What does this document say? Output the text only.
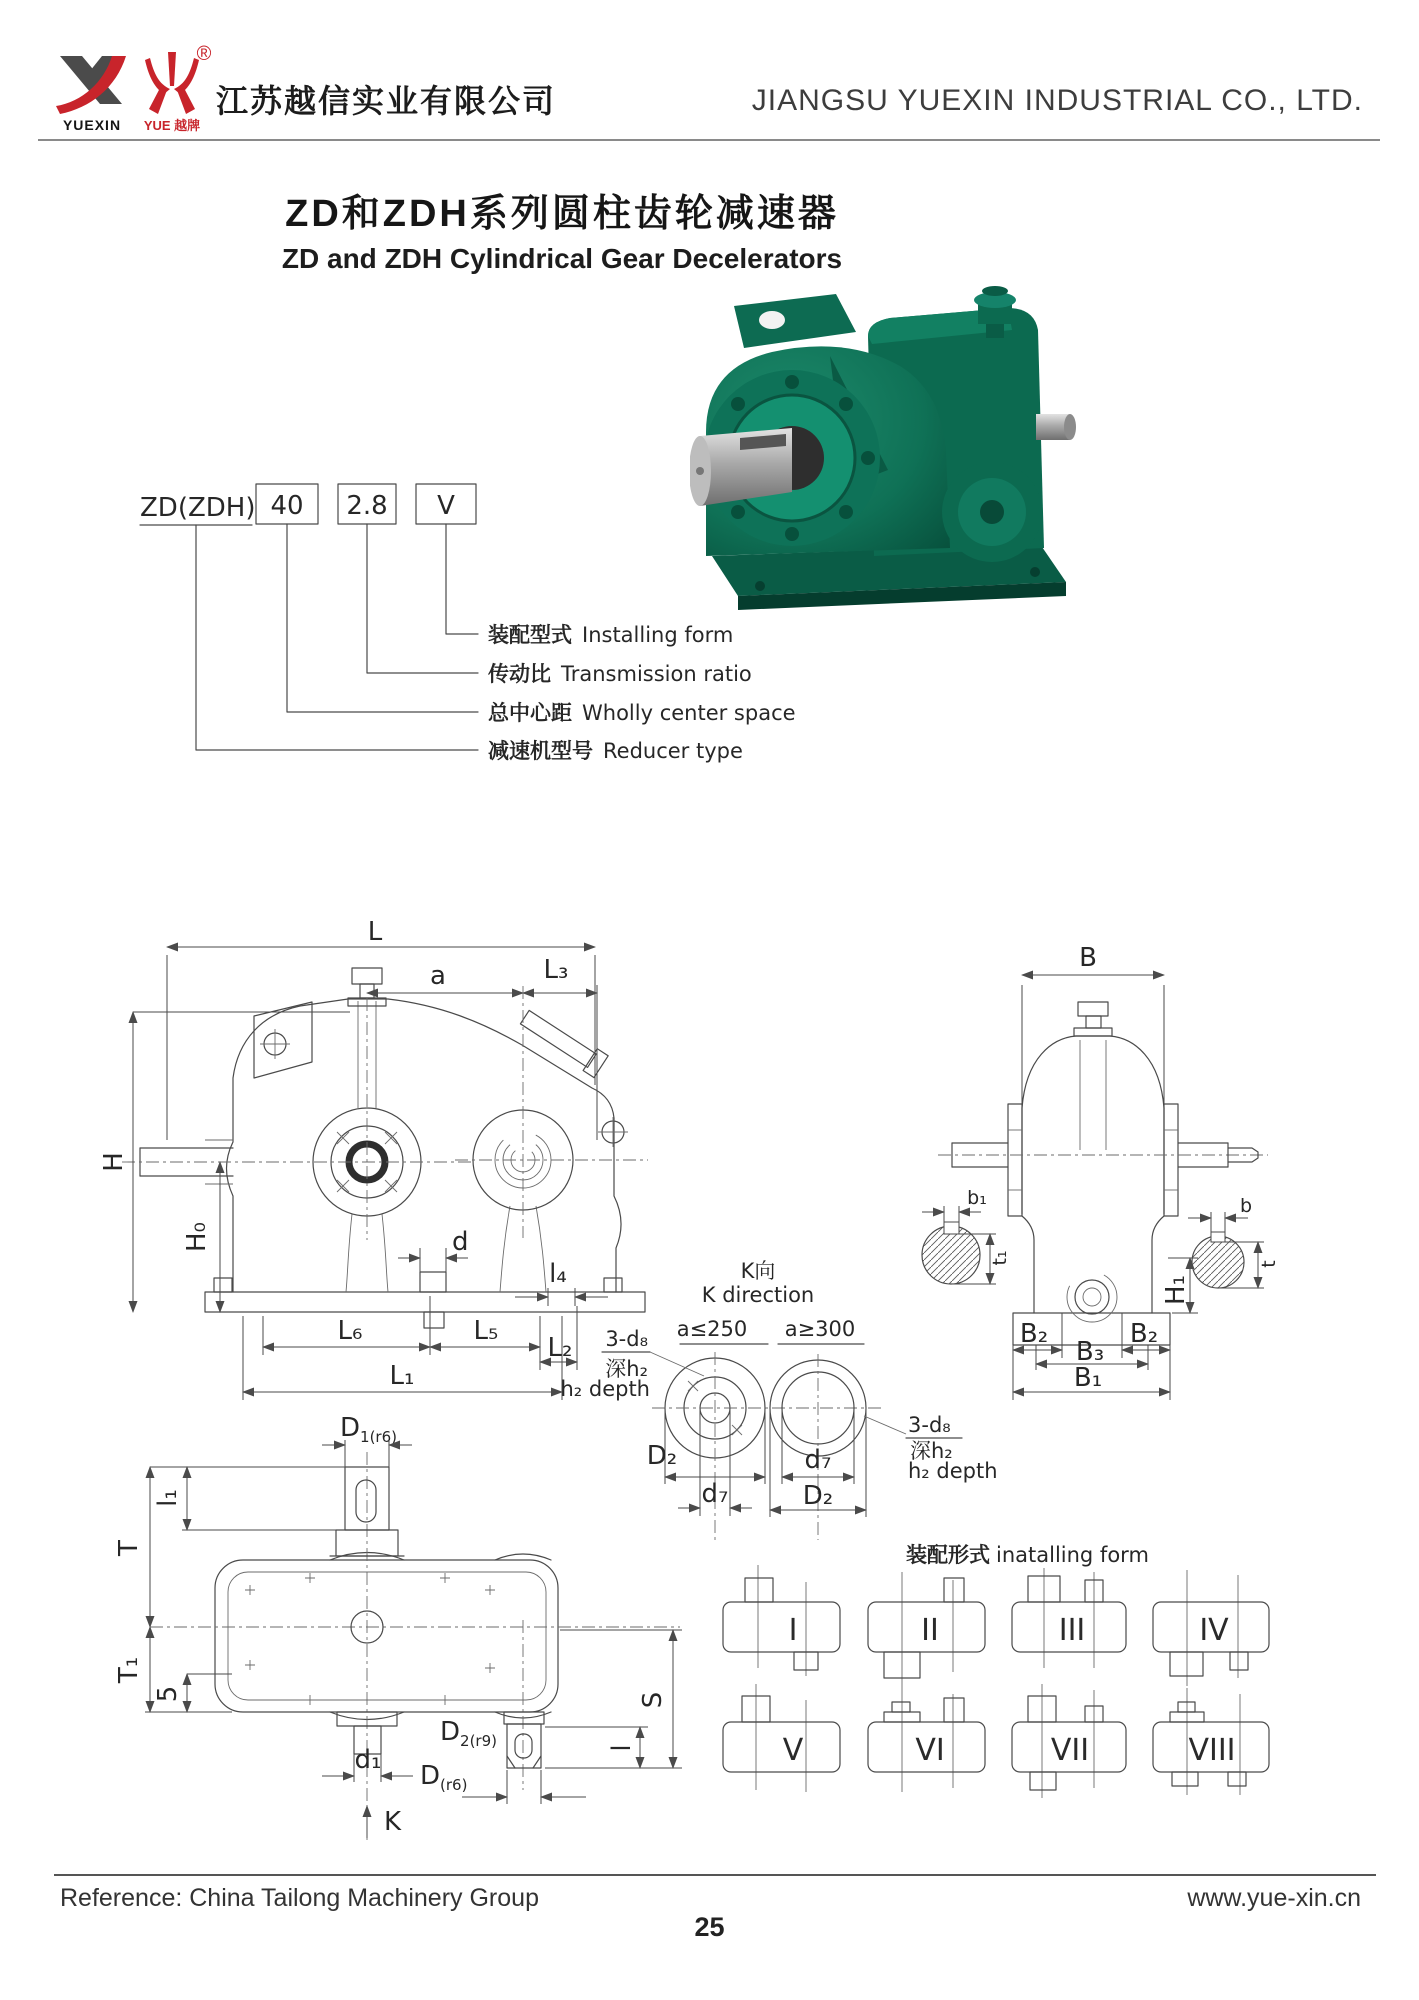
YUEXIN
®
YUE 越牌
江苏越信实业有限公司	JIANGSU YUEXIN INDUSTRIAL CO., LTD.
ZD和ZDH系列圆柱齿轮减速器
ZD and ZDH Cylindrical Gear Decelerators
ZD(ZDH) 40 2.8 V
装配型式 Installing form
传动比 Transmission ratio
总中心距 Wholly center space
减速机型号 Reducer type
L
a	L₃
H
H₀	d
l₄
L₆	L₅
L₂
L₁
B
H₁
B₂	B₂
B₃
B₁
b₁
t₁
b
t
K向
K direction
a≤250 a≥300
D₂
d₇
d₇
D₂
3-d₈
深h₂
h₂ depth
3-d₈
深h₂
h₂ depth
$D_{1(r6)}$
l₁
T
T₁
5
d₁
$D_{2(r9)}$
$D_{(r6)}$
K
S
l
装配形式 inatalling form
I	II	III	IV
V	VI	VII	VIII
Reference: China Tailong Machinery Group	www.yue-xin.cn
25
